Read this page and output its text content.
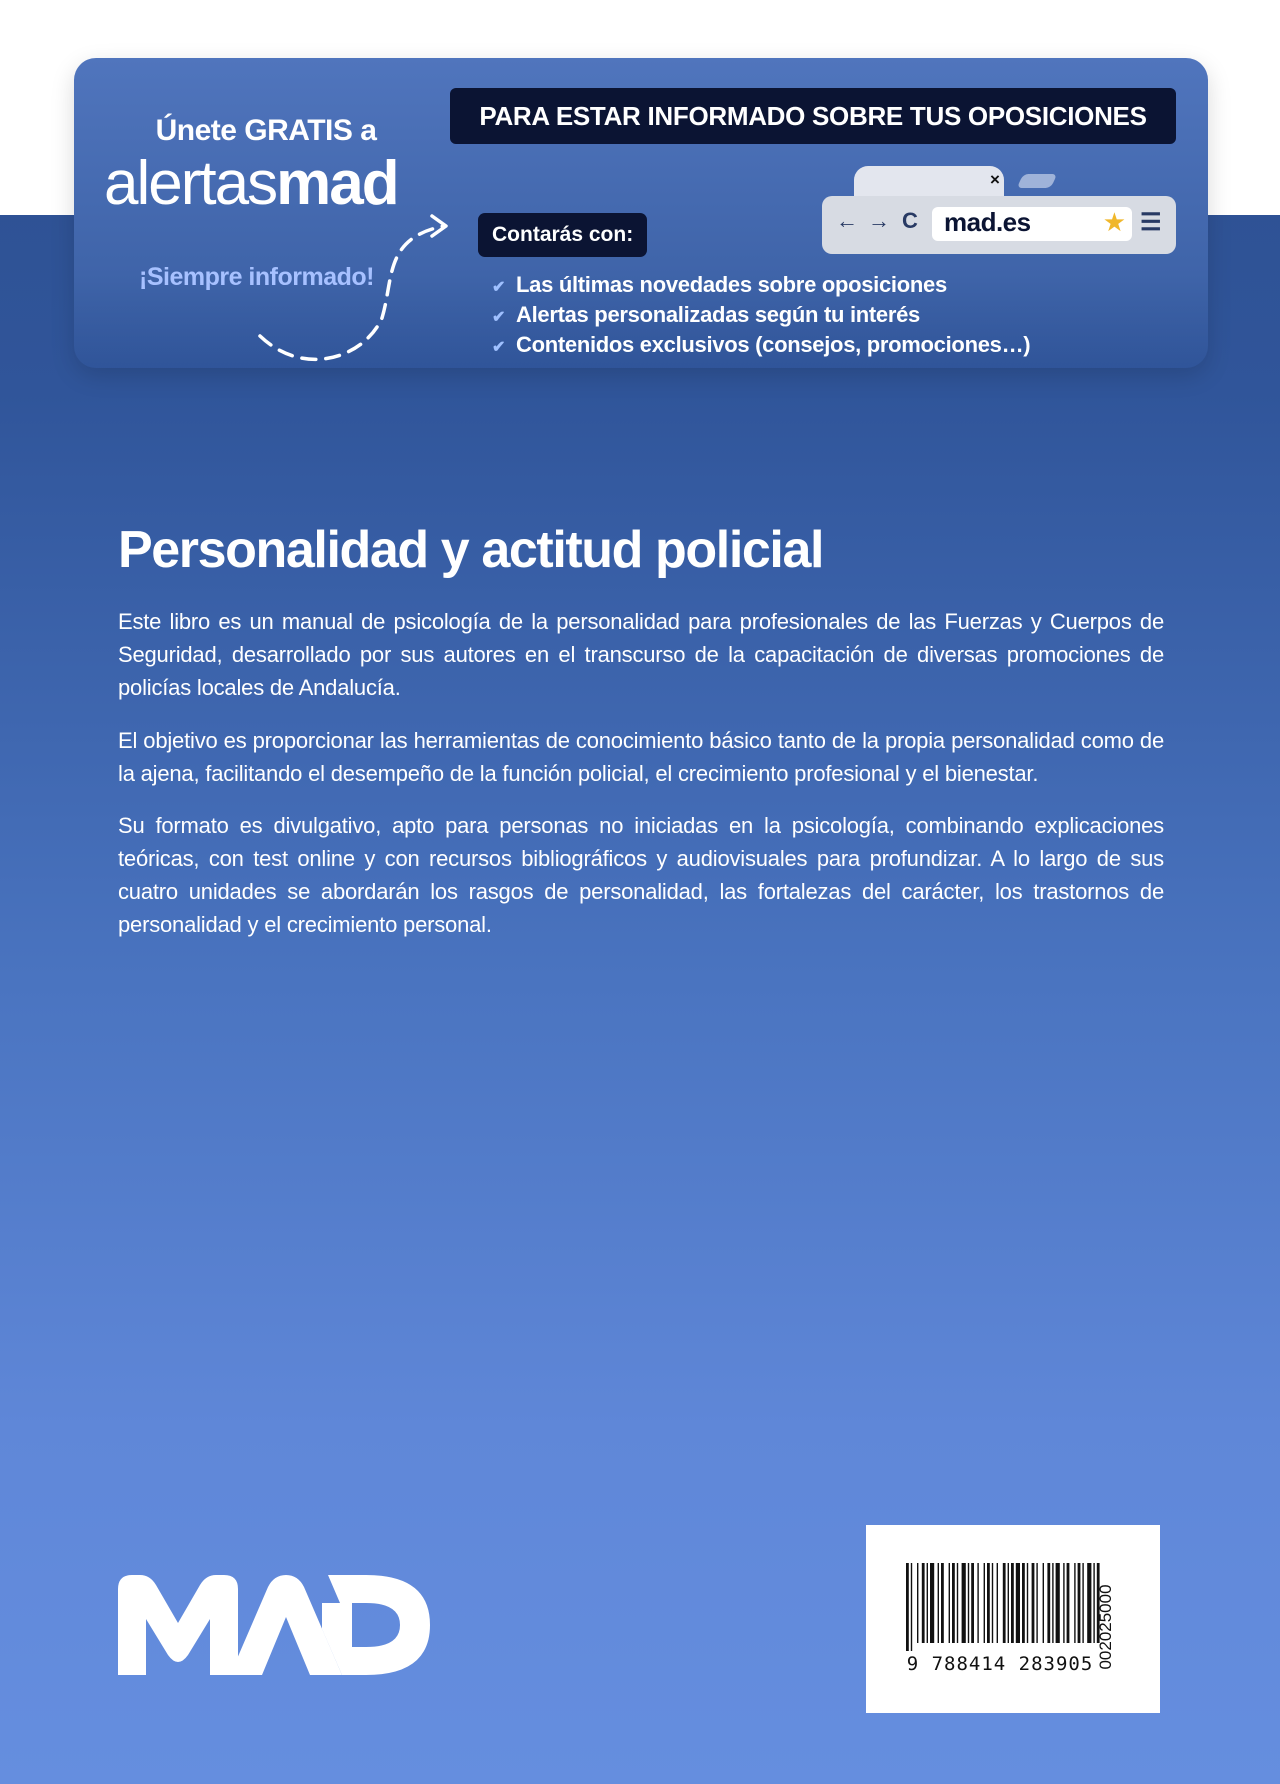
Únete GRATIS a
alertasmad
¡Siempre informado!
PARA ESTAR INFORMADO SOBRE TUS OPOSICIONES
×
← → C mad.es	★ ☰
Contarás con:
✔ Las últimas novedades sobre oposiciones
✔ Alertas personalizadas según tu interés
✔ Contenidos exclusivos (consejos, promociones…)
Personalidad y actitud policial

Este libro es un manual de psicología de la personalidad para profesionales de las Fuerzas y Cuerpos de Seguridad, desarrollado por sus autores en el transcurso de la capacitación de diversas promociones de policías locales de Andalucía.

El objetivo es proporcionar las herramientas de conocimiento básico tanto de la propia personalidad como de la ajena, facilitando el desempeño de la función policial, el crecimiento profesional y el bienestar.

Su formato es divulgativo, apto para personas no iniciadas en la psicología, combinando explicaciones teóricas, con test online y con recursos bibliográficos y audiovisuales para profundizar. A lo largo de sus cuatro unidades se abordarán los rasgos de personalidad, las fortalezas del carácter, los trastornos de personalidad y el crecimiento personal.

9 788414 283905 002025000
